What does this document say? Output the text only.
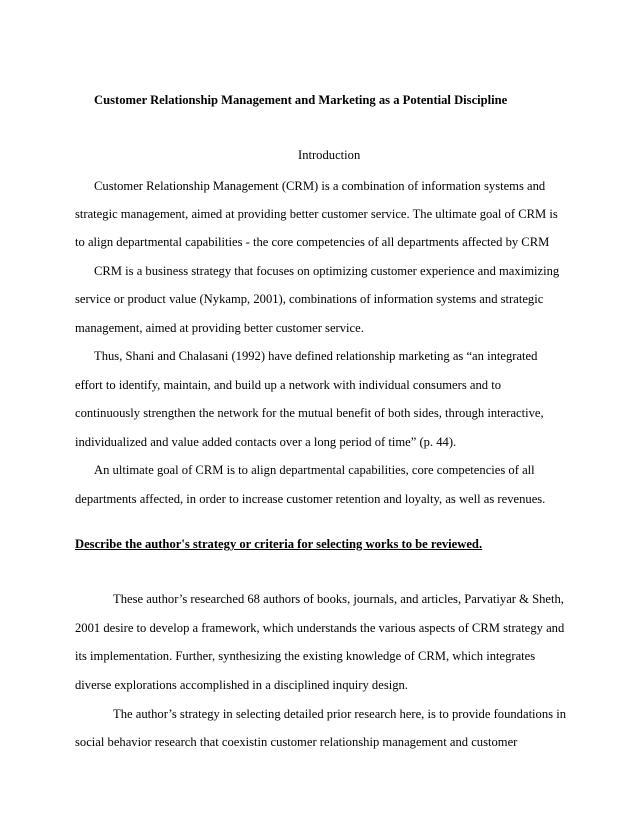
Customer Relationship Management and Marketing as a Potential Discipline
Introduction
Customer Relationship Management (CRM) is a combination of information systems and
strategic management, aimed at providing better customer service. The ultimate goal of CRM is
to align departmental capabilities - the core competencies of all departments affected by CRM
CRM is a business strategy that focuses on optimizing customer experience and maximizing
service or product value (Nykamp, 2001), combinations of information systems and strategic
management, aimed at providing better customer service.
Thus, Shani and Chalasani (1992) have defined relationship marketing as “an integrated
effort to identify, maintain, and build up a network with individual consumers and to
continuously strengthen the network for the mutual benefit of both sides, through interactive,
individualized and value added contacts over a long period of time” (p. 44).
An ultimate goal of CRM is to align departmental capabilities, core competencies of all
departments affected, in order to increase customer retention and loyalty, as well as revenues.
Describe the author's strategy or criteria for selecting works to be reviewed.
These author’s researched 68 authors of books, journals, and articles, Parvatiyar & Sheth,
2001 desire to develop a framework, which understands the various aspects of CRM strategy and
its implementation. Further, synthesizing the existing knowledge of CRM, which integrates
diverse explorations accomplished in a disciplined inquiry design.
The author’s strategy in selecting detailed prior research here, is to provide foundations in
social behavior research that coexistin customer relationship management and customer
